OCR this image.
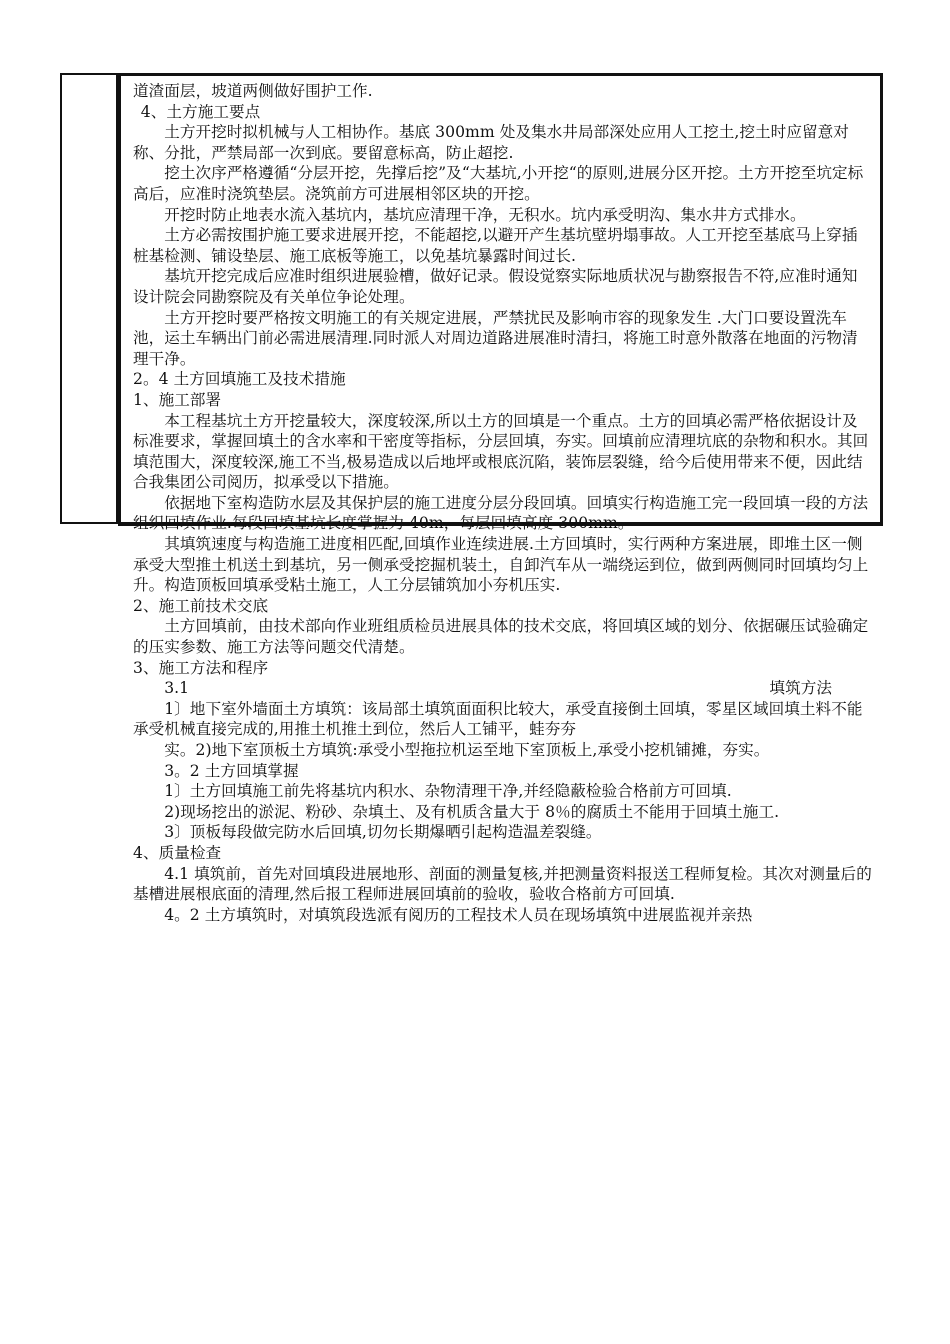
道渣面层，坡道两侧做好围护工作.
4、土方施工要点
土方开挖时拟机械与人工相协作。基底 300mm 处及集水井局部深处应用人工挖土,挖土时应留意对称、分批，严禁局部一次到底。要留意标高，防止超挖.
挖土次序严格遵循“分层开挖，先撑后挖”及“大基坑,小开挖“的原则,进展分区开挖。土方开挖至坑定标高后，应准时浇筑垫层。浇筑前方可进展相邻区块的开挖。
开挖时防止地表水流入基坑内，基坑应清理干净，无积水。坑内承受明沟、集水井方式排水。
土方必需按围护施工要求进展开挖，不能超挖,以避开产生基坑壁坍塌事故。人工开挖至基底马上穿插桩基检测、铺设垫层、施工底板等施工，以免基坑暴露时间过长.
基坑开挖完成后应准时组织进展验槽，做好记录。假设觉察实际地质状况与勘察报告不符,应准时通知设计院会同勘察院及有关单位争论处理。
土方开挖时要严格按文明施工的有关规定进展，严禁扰民及影响市容的现象发生 .大门口要设置洗车池，运土车辆出门前必需进展清理.同时派人对周边道路进展准时清扫，将施工时意外散落在地面的污物清理干净。
2。4 土方回填施工及技术措施
1、施工部署
本工程基坑土方开挖量较大，深度较深,所以土方的回填是一个重点。土方的回填必需严格依据设计及标准要求，掌握回填土的含水率和干密度等指标，分层回填，夯实。回填前应清理坑底的杂物和积水。其回填范围大，深度较深,施工不当,极易造成以后地坪或根底沉陷，装饰层裂缝，给今后使用带来不便，因此结合我集团公司阅历，拟承受以下措施。
依据地下室构造防水层及其保护层的施工进度分层分段回填。回填实行构造施工完一段回填一段的方法组织回填作业.每段回填基坑长度掌握为 40m，每层回填高度 300mm。
其填筑速度与构造施工进度相匹配,回填作业连续进展.土方回填时，实行两种方案进展，即堆土区一侧承受大型推土机送土到基坑，另一侧承受挖掘机装土，自卸汽车从一端绕运到位，做到两侧同时回填均匀上升。构造顶板回填承受粘土施工，人工分层铺筑加小夯机压实.
2、施工前技术交底
土方回填前，由技术部向作业班组质检员进展具体的技术交底，将回填区域的划分、依据碾压试验确定的压实参数、施工方法等问题交代清楚。
3、施工方法和程序
3.1	填筑方法
1〕地下室外墙面土方填筑：该局部土填筑面面积比较大，承受直接倒土回填，零星区域回填土料不能承受机械直接完成的,用推土机推土到位，然后人工铺平，蛙夯夯
实。2)地下室顶板土方填筑:承受小型拖拉机运至地下室顶板上,承受小挖机铺摊，夯实。
3。2 土方回填掌握
1〕土方回填施工前先将基坑内积水、杂物清理干净,并经隐蔽检验合格前方可回填.
2)现场挖出的淤泥、粉砂、杂填土、及有机质含量大于 8％的腐质土不能用于回填土施工.
3〕顶板每段做完防水后回填,切勿长期爆晒引起构造温差裂缝。
4、质量检查
4.1 填筑前，首先对回填段进展地形、剖面的测量复核,并把测量资料报送工程师复检。其次对测量后的基槽进展根底面的清理,然后报工程师进展回填前的验收，验收合格前方可回填.
4。2 土方填筑时，对填筑段选派有阅历的工程技术人员在现场填筑中进展监视并亲热
